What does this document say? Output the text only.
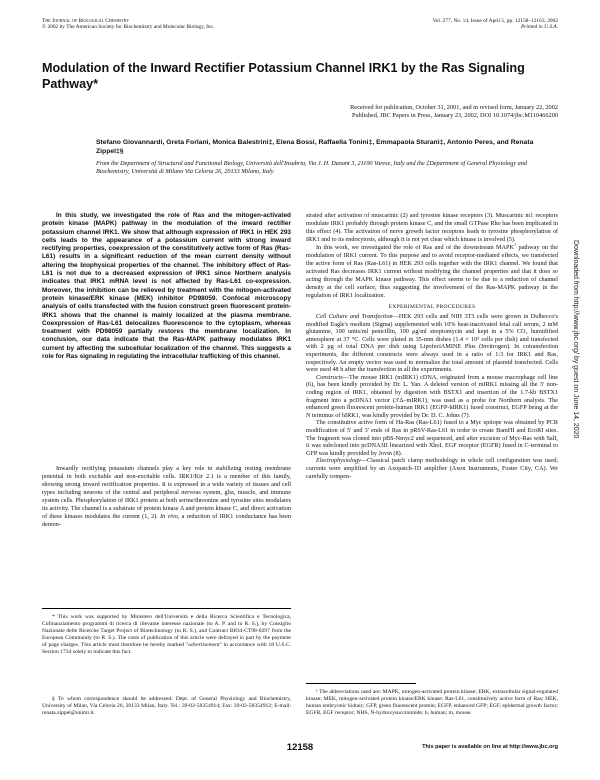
The Journal of Biological Chemistry
© 2002 by The American Society for Biochemistry and Molecular Biology, Inc.
Vol. 277, No. 14, Issue of April 5, pp. 12158–12163, 2002
Printed in U.S.A.
Modulation of the Inward Rectifier Potassium Channel IRK1 by the Ras Signaling Pathway*
Received for publication, October 31, 2001, and in revised form, January 22, 2002
Published, JBC Papers in Press, January 23, 2002, DOI 10.1074/jbc.M110466200

Stefano Giovannardi, Greta Forlani, Monica Balestrini‡, Elena Bossi, Raffaella Tonini‡, Emmapaola Sturani‡, Antonio Peres, and Renata Zippel‡§

From the Department of Structural and Functional Biology, Università dell'Insubria, Via J. H. Dunant 3, 21100 Varese, Italy and the ‡Department of General Physiology and Biochemistry, Università di Milano Via Celoria 26, 20133 Milano, Italy

In this study, we investigated the role of Ras and the mitogen-activated protein kinase (MAPK) pathway in the modulation of the inward rectifier potassium channel IRK1. We show that although expression of IRK1 in HEK 293 cells leads to the appearance of a potassium current with strong inward rectifying properties, coexpression of the constitutively active form of Ras (Ras-L61) results in a significant reduction of the mean current density without altering the biophysical properties of the channel. The inhibitory effect of Ras-L61 is not due to a decreased expression of IRK1 since Northern analysis indicates that IRK1 mRNA level is not affected by Ras-L61 co-expression. Moreover, the inhibition can be relieved by treatment with the mitogen-activated protein kinase/ERK kinase (MEK) inhibitor PD98059. Confocal microscopy analysis of cells transfected with the fusion construct green fluorescent protein-IRK1 shows that the channel is mainly localized at the plasma membrane. Coexpression of Ras-L61 delocalizes fluorescence to the cytoplasm, whereas treatment with PD98059 partially restores the membrane localization. In conclusion, our data indicate that the Ras-MAPK pathway modulates IRK1 current by affecting the subcellular localization of the channel. This suggests a role for Ras signaling in regulating the intracellular trafficking of this channel.

Inwardly rectifying potassium channels play a key role in stabilizing resting membrane potential in both excitable and non-excitable cells. IRK1/Kir 2.1 is a member of this family, showing strong inward rectification properties. It is expressed in a wide variety of tissues and cell types including neurons of the central and peripheral nervous system, glia, muscle, and immune system cells. Phosphorylation of IRK1 protein at both serine/threonine and tyrosine sites modulates its activity. The channel is a substrate of protein kinase A and protein kinase C, and direct activation of these kinases modulates the current (1, 2). In vivo, a reduction of IRK1 conductance has been demon-

* This work was supported by Ministero dell'Università e della Ricerca Scientifica e Tecnologica, Cofinanziamento programmi di ricerca di rilevante interesse nazionale (to A. P. and to R. S.), by Consiglio Nazionale delle Ricerche Target Project of Biotechnology (to R. S.), and Contract BIO4-CT98-0297 from the European Community (to R. S.). The costs of publication of this article were defrayed in part by the payment of page charges. This article must therefore be hereby marked "advertisement" in accordance with 18 U.S.C. Section 1734 solely to indicate this fact.

§ To whom correspondence should be addressed: Dept. of General Physiology and Biochemistry, University of Milan, Via Celoria 26, 20133 Milan, Italy. Tel.: 39-02-58354914; Fax: 39-02-58354912; E-mail: renata.zippel@unimi.it.

strated after activation of muscarinic (2) and tyrosine kinase receptors (3). Muscarinic m1 receptors modulate IRK1 probably through protein kinase C, and the small GTPase Rho has been implicated in this effect (4). The activation of nerve growth factor receptors leads to tyrosine phosphorylation of IRK1 and to its endocytosis, although it is not yet clear which kinase is involved (5).

In this work, we investigated the role of Ras and of the downstream MAPK$^1$ pathway on the modulation of IRK1 current. To this purpose and to avoid receptor-mediated effects, we transfected the active form of Ras (Ras-L61) in HEK 293 cells together with the IRK1 channel. We found that activated Ras decreases IRK1 current without modifying the channel properties and that it does so acting through the MAPK kinase pathway. This effect seems to be due to a reduction of channel density at the cell surface, thus suggesting the involvement of the Ras-MAPK pathway in the regulation of IRK1 localization.

EXPERIMENTAL PROCEDURES

Cell Culture and Transfection—HEK 293 cells and NIH 3T3 cells were grown in Dulbecco's modified Eagle's medium (Sigma) supplemented with 10% heat-inactivated fetal calf serum, 2 mM glutamine, 100 units/ml penicillin, 100 μg/ml streptomycin and kept in a 5% CO₂ humidified atmosphere at 37 °C. Cells were plated in 35-mm dishes (1.4 × 10⁵ cells per dish) and transfected with 2 μg of total DNA per dish using LipofectAMINE Plus (Invitrogen). In cotransfection experiments, the different constructs were always used in a ratio of 1:3 for IRK1 and Ras, respectively. An empty vector was used to normalize the total amount of plasmid transfected. Cells were used 48 h after the transfection in all the experiments.

Constructs—The mouse IRK1 (mIRK1) cDNA, originated from a mouse macrophage cell line (6), has been kindly provided by Dr. L. Yan. A deleted version of mIRK1 missing all the 3′ non-coding region of IRK1, obtained by digestion with BSTX1 and insertion of the 1.7-kb BSTX1 fragment into a pcDNA1 vector (3′Δ–mIRK1), was used as a probe for Northern analysis. The enhanced green fluorescent protein-human IRK1 (EGFP-hIRK1) fused construct, EGFP being at the N terminus of hIRK1, was kindly provided by Dr. D. C. Johns (7).

The constitutive active form of Ha-Ras (Ras-L61) fused to a Myc epitope was obtained by PCR modification of 5′ and 3′ ends of Ras in pRSV-Ras-L61 in order to create BamHI and EcoRI sites. The fragment was cloned into pBS-Nmyc2 and sequenced, and after excision of Myc-Ras with SalI, it was subcloned into pcDNA3II linearized with XhoI. EGF receptor (EGFR) fused in C-terminal to GFP was kindly provided by Jovin (8).

Electrophysiology—Classical patch clamp methodology in whole cell configuration was used; currents were amplified by an Axopatch-1D amplifier (Axon Instruments, Foster City, CA). We carefully compen-

¹ The abbreviations used are: MAPK, mitogen-activated protein kinase; ERK, extracellular signal-regulated kinase; MEK, mitogen-activated protein kinase/ERK kinase; Ras-L61, constitutively active form of Ras; HEK, human embryonic kidney; GFP, green fluorescent protein; EGFP, enhanced GFP; EGF, epidermal growth factor; EGFR, EGF receptor; NHS, N-hydroxysuccinimide; h, human; m, mouse.

12158	This paper is available on line at http://www.jbc.org
Downloaded from http://www.jbc.org/ by guest on June 14, 2020
